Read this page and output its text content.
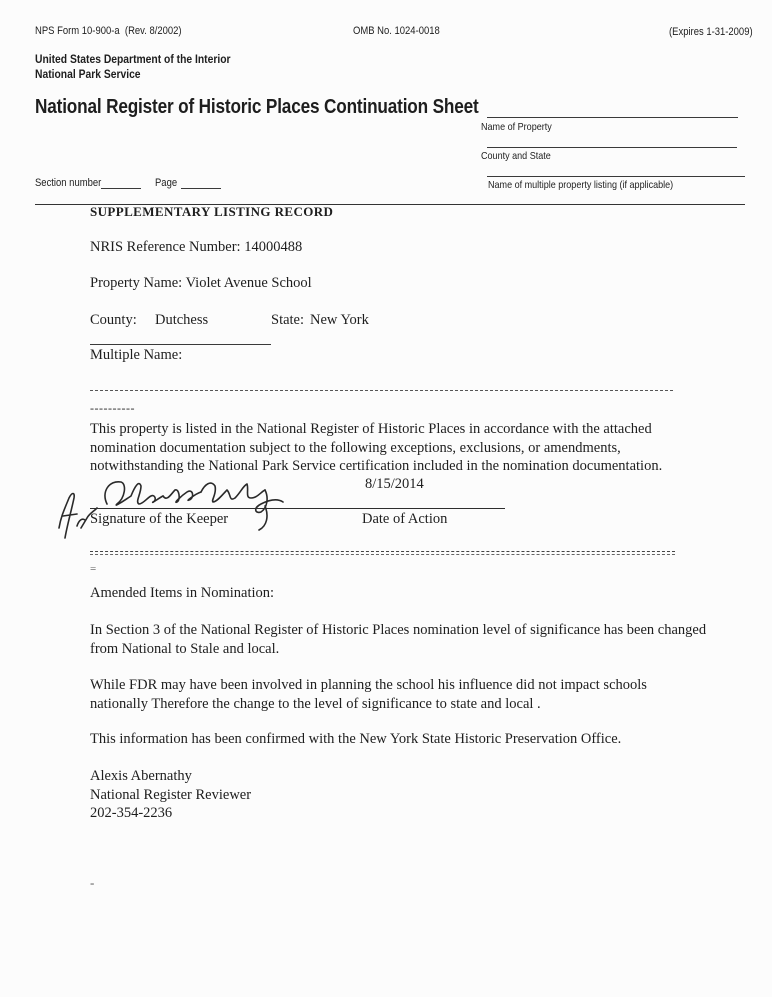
NPS Form 10-900-a (Rev. 8/2002)	OMB No. 1024-0018	(Expires 1-31-2009)
United States Department of the Interior
National Park Service
National Register of Historic Places Continuation Sheet
Name of Property
County and State
Section number	Page	Name of multiple property listing (if applicable)
SUPPLEMENTARY LISTING RECORD
NRIS Reference Number: 14000488
Property Name: Violet Avenue School
County: Dutchess	State: New York
Multiple Name:
----------
This property is listed in the National Register of Historic Places in accordance with the attached
nomination documentation subject to the following exceptions, exclusions, or amendments,
notwithstanding the National Park Service certification included in the nomination documentation.
8/15/2014
Signature of the Keeper	Date of Action
=
Amended Items in Nomination:
In Section 3 of the National Register of Historic Places nomination level of significance has been changed
from National to Stale and local.
While FDR may have been involved in planning the school his influence did not impact schools
nationally Therefore the change to the level of significance to state and local .
This information has been confirmed with the New York State Historic Preservation Office.
Alexis Abernathy
National Register Reviewer
202-354-2236
-
